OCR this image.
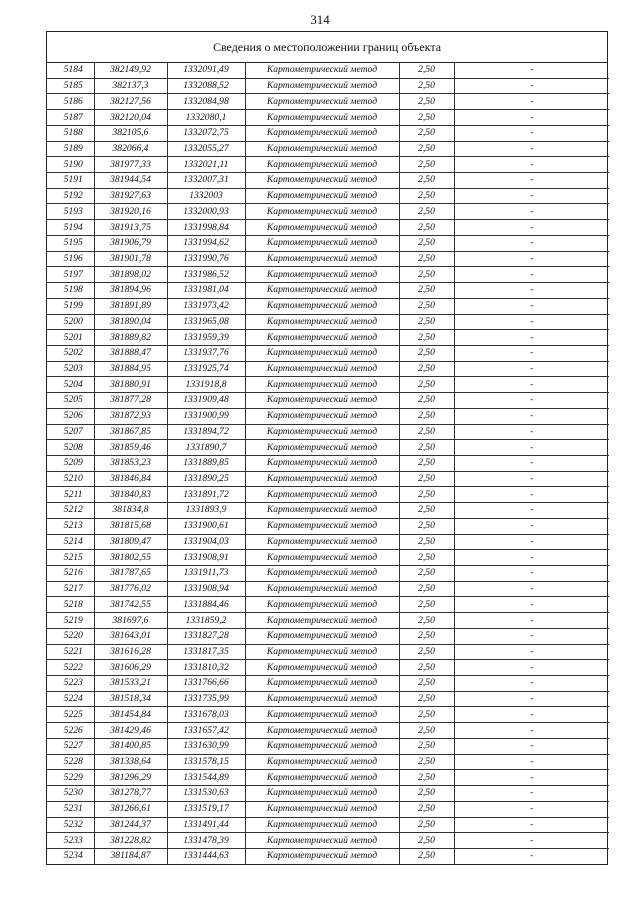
314
Сведения о местоположении границ объекта
5184	382149,92	1332091,49	Картометрический метод	2,50	-
5185	382137,3	1332088,52	Картометрический метод	2,50	-
5186	382127,56	1332084,98	Картометрический метод	2,50	-
5187	382120,04	1332080,1	Картометрический метод	2,50	-
5188	382105,6	1332072,75	Картометрический метод	2,50	-
5189	382066,4	1332055,27	Картометрический метод	2,50	-
5190	381977,33	1332021,11	Картометрический метод	2,50	-
5191	381944,54	1332007,31	Картометрический метод	2,50	-
5192	381927,63	1332003	Картометрический метод	2,50	-
5193	381920,16	1332000,93	Картометрический метод	2,50	-
5194	381913,75	1331998,84	Картометрический метод	2,50	-
5195	381906,79	1331994,62	Картометрический метод	2,50	-
5196	381901,78	1331990,76	Картометрический метод	2,50	-
5197	381898,02	1331986,52	Картометрический метод	2,50	-
5198	381894,96	1331981,04	Картометрический метод	2,50	-
5199	381891,89	1331973,42	Картометрический метод	2,50	-
5200	381890,04	1331965,08	Картометрический метод	2,50	-
5201	381889,82	1331959,39	Картометрический метод	2,50	-
5202	381888,47	1331937,76	Картометрический метод	2,50	-
5203	381884,95	1331925,74	Картометрический метод	2,50	-
5204	381880,91	1331918,8	Картометрический метод	2,50	-
5205	381877,28	1331909,48	Картометрический метод	2,50	-
5206	381872,93	1331900,99	Картометрический метод	2,50	-
5207	381867,85	1331894,72	Картометрический метод	2,50	-
5208	381859,46	1331890,7	Картометрический метод	2,50	-
5209	381853,23	1331889,85	Картометрический метод	2,50	-
5210	381846,84	1331890,25	Картометрический метод	2,50	-
5211	381840,83	1331891,72	Картометрический метод	2,50	-
5212	381834,8	1331893,9	Картометрический метод	2,50	-
5213	381815,68	1331900,61	Картометрический метод	2,50	-
5214	381809,47	1331904,03	Картометрический метод	2,50	-
5215	381802,55	1331908,91	Картометрический метод	2,50	-
5216	381787,65	1331911,73	Картометрический метод	2,50	-
5217	381776,02	1331908,94	Картометрический метод	2,50	-
5218	381742,55	1331884,46	Картометрический метод	2,50	-
5219	381697,6	1331859,2	Картометрический метод	2,50	-
5220	381643,01	1331827,28	Картометрический метод	2,50	-
5221	381616,28	1331817,35	Картометрический метод	2,50	-
5222	381606,29	1331810,32	Картометрический метод	2,50	-
5223	381533,21	1331766,66	Картометрический метод	2,50	-
5224	381518,34	1331735,99	Картометрический метод	2,50	-
5225	381454,84	1331678,03	Картометрический метод	2,50	-
5226	381429,46	1331657,42	Картометрический метод	2,50	-
5227	381400,85	1331630,99	Картометрический метод	2,50	-
5228	381338,64	1331578,15	Картометрический метод	2,50	-
5229	381296,29	1331544,89	Картометрический метод	2,50	-
5230	381278,77	1331530,63	Картометрический метод	2,50	-
5231	381266,61	1331519,17	Картометрический метод	2,50	-
5232	381244,37	1331491,44	Картометрический метод	2,50	-
5233	381228,82	1331478,39	Картометрический метод	2,50	-
5234	381184,87	1331444,63	Картометрический метод	2,50	-
